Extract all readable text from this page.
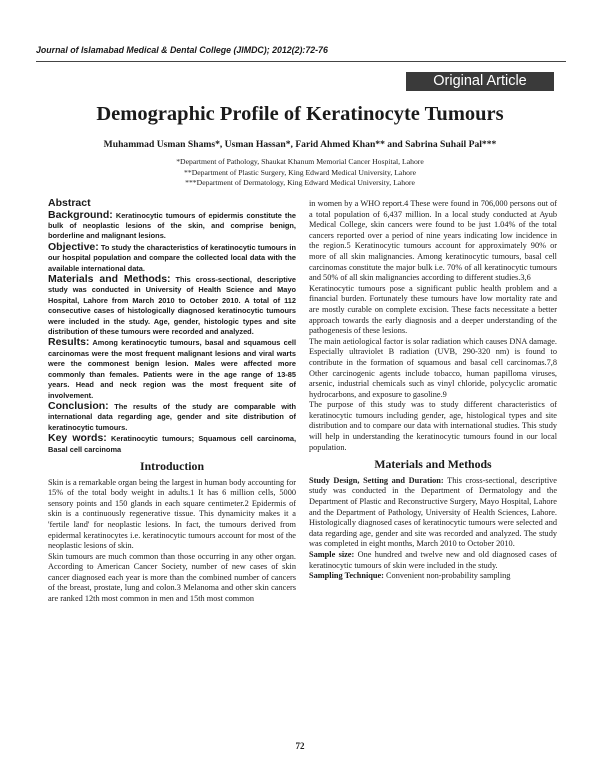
Journal of Islamabad Medical & Dental College (JIMDC); 2012(2):72-76
Original Article
Demographic Profile of Keratinocyte Tumours
Muhammad Usman Shams*, Usman Hassan*, Farid Ahmed Khan** and Sabrina Suhail Pal***
*Department of Pathology, Shaukat Khanum Memorial Cancer Hospital, Lahore
**Department of Plastic Surgery, King Edward Medical University, Lahore
***Department of Dermatology, King Edward Medical University, Lahore
Abstract

Background: Keratinocytic tumours of epidermis constitute the bulk of neoplastic lesions of the skin, and comprise benign, borderline and malignant lesions.

Objective: To study the characteristics of keratinocytic tumours in our hospital population and compare the collected local data with the available international data.

Materials and Methods: This cross-sectional, descriptive study was conducted in University of Health Science and Mayo Hospital, Lahore from March 2010 to October 2010. A total of 112 consecutive cases of histologically diagnosed keratinocytic tumours were included in the study. Age, gender, histologic types and site distribution of these tumours were recorded and analyzed.

Results: Among keratinocytic tumours, basal and squamous cell carcinomas were the most frequent malignant lesions and viral warts were the commonest benign lesion. Males were affected more commonly than females. Patients were in the age range of 13-85 years. Head and neck region was the most frequent site of involvement.

Conclusion: The results of the study are comparable with international data regarding age, gender and site distribution of keratinocytic tumours.

Key words: Keratinocytic tumours; Squamous cell carcinoma, Basal cell carcinoma

Introduction

Skin is a remarkable organ being the largest in human body accounting for 15% of the total body weight in adults.1 It has 6 million cells, 5000 sensory points and 150 glands in each square centimeter.2 Epidermis of skin is a continuously regenerative tissue. This dynamicity makes it a 'fertile land' for neoplastic lesions. In fact, the tumours derived from epidermal keratinocytes i.e. keratinocytic tumours account for most of the neoplastic lesions of skin.

Skin tumours are much common than those occurring in any other organ. According to American Cancer Society, number of new cases of skin cancer diagnosed each year is more than the combined number of cancers of the breast, prostate, lung and colon.3 Melanoma and other skin cancers are ranked 12th most common in men and 15th most common

in women by a WHO report.4 These were found in 706,000 persons out of a total population of 6,437 million. In a local study conducted at Ayub Medical College, skin cancers were found to be just 1.04% of the total cancers reported over a period of nine years indicating low incidence in the region.5 Keratinocytic tumours account for approximately 90% or more of all skin malignancies. Among keratinocytic tumours, basal cell carcinomas constitute the major bulk i.e. 70% of all keratinocytic tumours and 50% of all skin malignancies according to different studies.3,6

Keratinocytic tumours pose a significant public health problem and a financial burden. Fortunately these tumours have low mortality rate and are mostly curable on complete excision. These facts necessitate a better approach towards the early diagnosis and a deeper understanding of the pathogenesis of these lesions.

The main aetiological factor is solar radiation which causes DNA damage. Especially ultraviolet B radiation (UVB, 290-320 nm) is found to contribute in the formation of squamous and basal cell carcinomas.7,8 Other carcinogenic agents include tobacco, human papilloma viruses, arsenic, industrial chemicals such as vinyl chloride, polycyclic aromatic hydrocarbons, and exposure to gasoline.9

The purpose of this study was to study different characteristics of keratinocytic tumours including gender, age, histological types and site distribution and to compare our data with international studies. This study will help in understanding the keratinocytic tumours found in our local population.

Materials and Methods

Study Design, Setting and Duration: This cross-sectional, descriptive study was conducted in the Department of Dermatology and the Department of Plastic and Reconstructive Surgery, Mayo Hospital, Lahore and the Department of Pathology, University of Health Sciences, Lahore. Histologically diagnosed cases of keratinocytic tumours were selected and data regarding age, gender and site was recorded and analyzed. The study was completed in eight months, March 2010 to October 2010.

Sample size: One hundred and twelve new and old diagnosed cases of keratinocytic tumours of skin were included in the study.

Sampling Technique: Convenient non-probability sampling

72
